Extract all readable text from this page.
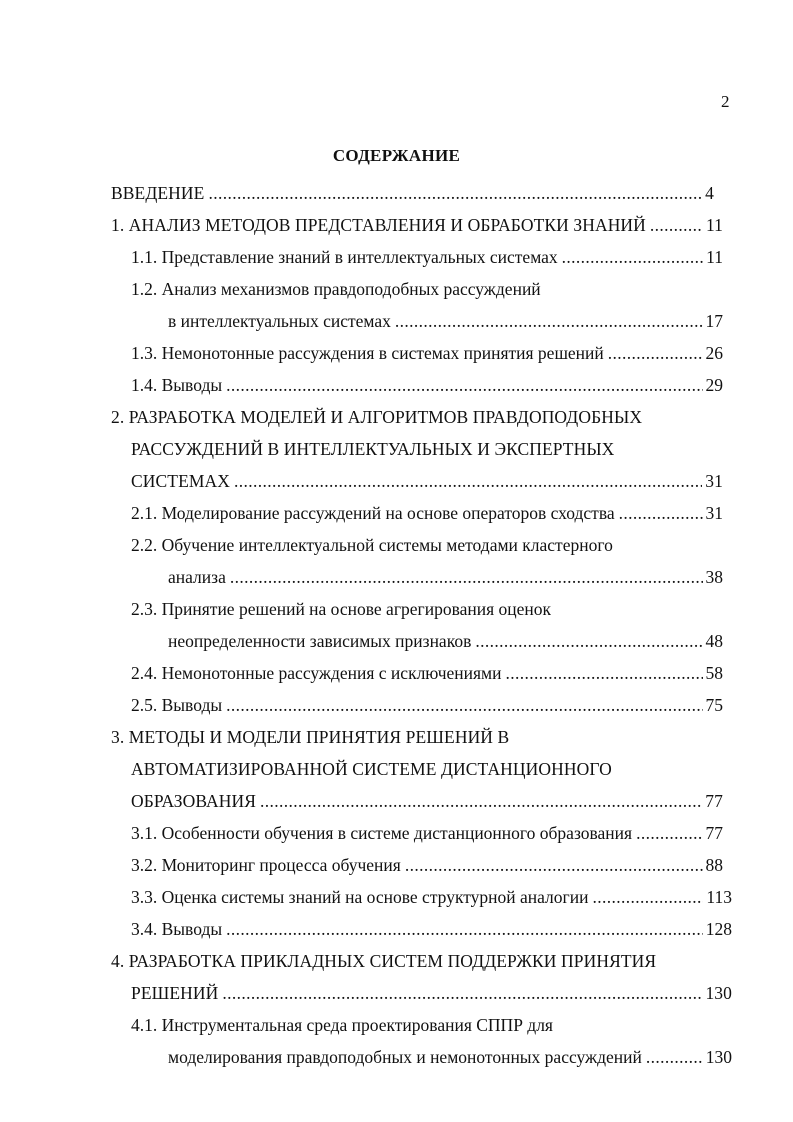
2
СОДЕРЖАНИЕ
ВВЕДЕНИЕ . . .	4
1. АНАЛИЗ МЕТОДОВ ПРЕДСТАВЛЕНИЯ И ОБРАБОТКИ ЗНАНИЙ . . .	11
1.1. Представление знаний в интеллектуальных системах . . .	11
1.2. Анализ механизмов правдоподобных рассуждений
в интеллектуальных системах . . .	17
1.3. Немонотонные рассуждения в системах принятия решений . . .	26
1.4. Выводы . . .	29
2. РАЗРАБОТКА МОДЕЛЕЙ И АЛГОРИТМОВ ПРАВДОПОДОБНЫХ
РАССУЖДЕНИЙ В ИНТЕЛЛЕКТУАЛЬНЫХ И ЭКСПЕРТНЫХ
СИСТЕМАХ . . .	31
2.1. Моделирование рассуждений на основе операторов сходства . . .	31
2.2. Обучение интеллектуальной системы методами кластерного
анализа . . .	38
2.3. Принятие решений на основе агрегирования оценок
неопределенности зависимых признаков . . .	48
2.4. Немонотонные рассуждения с исключениями . . .	58
2.5. Выводы . . .	75
3. МЕТОДЫ И МОДЕЛИ ПРИНЯТИЯ РЕШЕНИЙ В
АВТОМАТИЗИРОВАННОЙ СИСТЕМЕ ДИСТАНЦИОННОГО
ОБРАЗОВАНИЯ . . .	77
3.1. Особенности обучения в системе дистанционного образования . . .	77
3.2. Мониторинг процесса обучения . . .	88
3.3. Оценка системы знаний на основе структурной аналогии . . .	113
3.4. Выводы . . .	128
4. РАЗРАБОТКА ПРИКЛАДНЫХ СИСТЕМ ПОДДЕРЖКИ ПРИНЯТИЯ
РЕШЕНИЙ . . .	130
4.1. Инструментальная среда проектирования СППР для
моделирования правдоподобных и немонотонных рассуждений . . .	130
